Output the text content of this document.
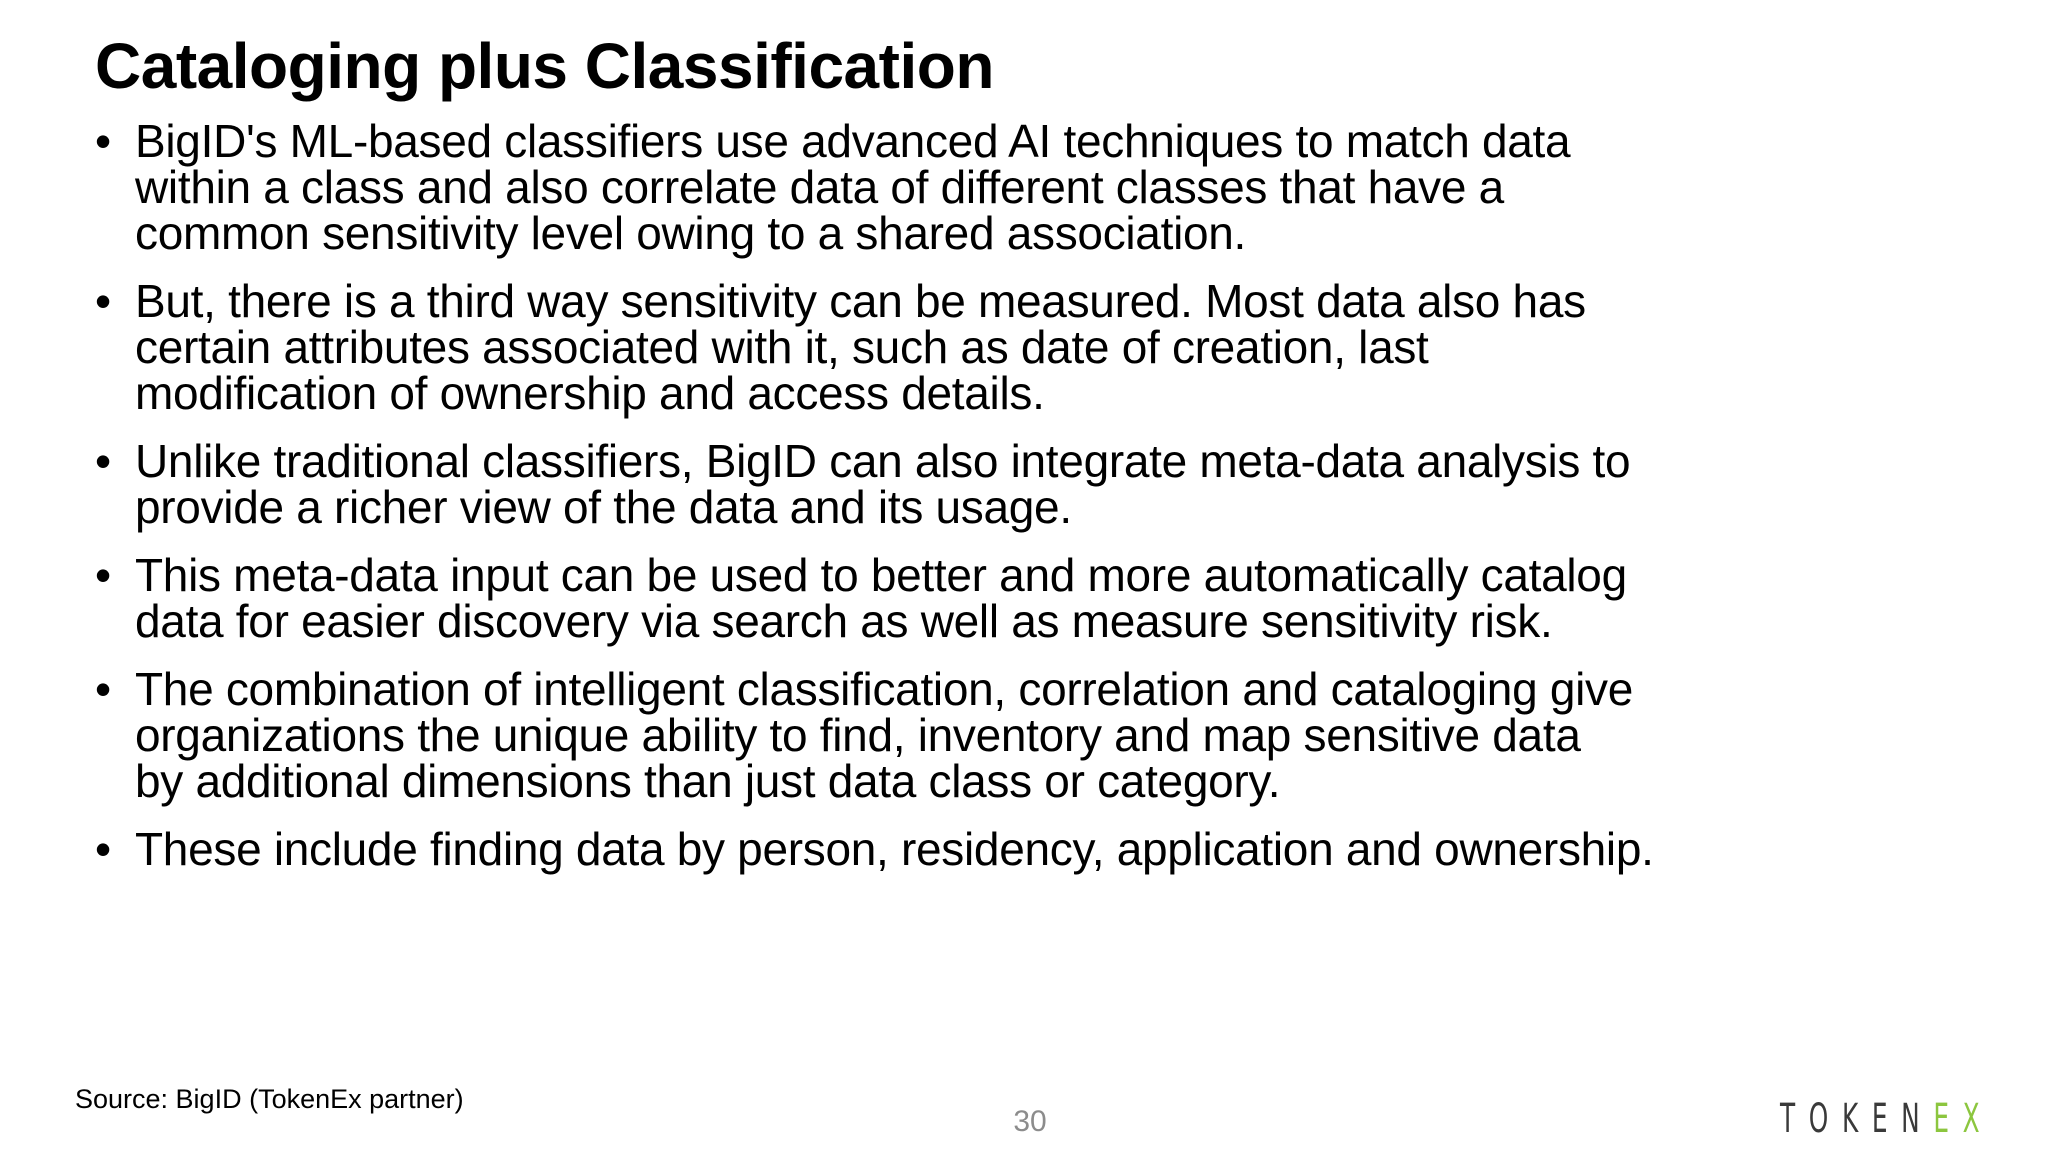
Cataloging plus Classification
• BigID's ML-based classifiers use advanced AI techniques to match data
within a class and also correlate data of different classes that have a
common sensitivity level owing to a shared association.
• But, there is a third way sensitivity can be measured. Most data also has
certain attributes associated with it, such as date of creation, last
modification of ownership and access details.
• Unlike traditional classifiers, BigID can also integrate meta-data analysis to
provide a richer view of the data and its usage.
• This meta-data input can be used to better and more automatically catalog
data for easier discovery via search as well as measure sensitivity risk.
• The combination of intelligent classification, correlation and cataloging give
organizations the unique ability to find, inventory and map sensitive data
by additional dimensions than just data class or category.
• These include finding data by person, residency, application and ownership.
Source: BigID (TokenEx partner)
30	TOKENEX
